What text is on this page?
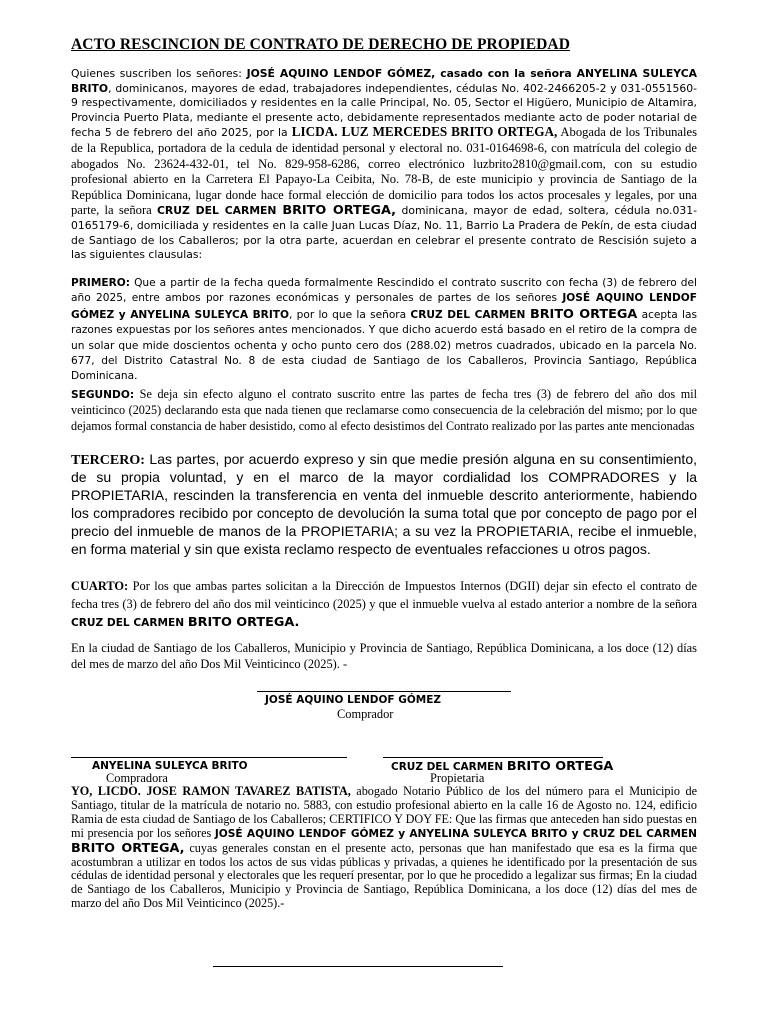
ACTO RESCINCION DE CONTRATO DE DERECHO DE PROPIEDAD
Quienes suscriben los señores: JOSÉ AQUINO LENDOF GÓMEZ, casado con la señora ANYELINA SULEYCA BRITO, dominicanos, mayores de edad, trabajadores independientes, cédulas No. 402-2466205-2 y 031-0551560-9 respectivamente, domiciliados y residentes en la calle Principal, No. 05, Sector el Higüero, Municipio de Altamira, Provincia Puerto Plata, mediante el presente acto, debidamente representados mediante acto de poder notarial de fecha 5 de febrero del año 2025, por la LICDA. LUZ MERCEDES BRITO ORTEGA, Abogada de los Tribunales de la Republica, portadora de la cedula de identidad personal y electoral no. 031-0164698-6, con matrícula del colegio de abogados No. 23624-432-01, tel No. 829-958-6286, correo electrónico luzbrito2810@gmail.com, con su estudio profesional abierto en la Carretera El Papayo-La Ceibita, No. 78-B, de este municipio y provincia de Santiago de la República Dominicana, lugar donde hace formal elección de domicilio para todos los actos procesales y legales, por una parte, la señora CRUZ DEL CARMEN BRITO ORTEGA, dominicana, mayor de edad, soltera, cédula no.031-0165179-6, domiciliada y residentes en la calle Juan Lucas Díaz, No. 11, Barrio La Pradera de Pekín, de esta ciudad de Santiago de los Caballeros; por la otra parte, acuerdan en celebrar el presente contrato de Rescisión sujeto a las siguientes clausulas:
PRIMERO: Que a partir de la fecha queda formalmente Rescindido el contrato suscrito con fecha (3) de febrero del año 2025, entre ambos por razones económicas y personales de partes de los señores JOSÉ AQUINO LENDOF GÓMEZ y ANYELINA SULEYCA BRITO, por lo que la señora CRUZ DEL CARMEN BRITO ORTEGA acepta las razones expuestas por los señores antes mencionados. Y que dicho acuerdo está basado en el retiro de la compra de un solar que mide doscientos ochenta y ocho punto cero dos (288.02) metros cuadrados, ubicado en la parcela No. 677, del Distrito Catastral No. 8 de esta ciudad de Santiago de los Caballeros, Provincia Santiago, República Dominicana.
SEGUNDO: Se deja sin efecto alguno el contrato suscrito entre las partes de fecha tres (3) de febrero del año dos mil veinticinco (2025) declarando esta que nada tienen que reclamarse como consecuencia de la celebración del mismo; por lo que dejamos formal constancia de haber desistido, como al efecto desistimos del Contrato realizado por las partes ante mencionadas
TERCERO: Las partes, por acuerdo expreso y sin que medie presión alguna en su consentimiento, de su propia voluntad, y en el marco de la mayor cordialidad los COMPRADORES y la PROPIETARIA, rescinden la transferencia en venta del inmueble descrito anteriormente, habiendo los compradores recibido por concepto de devolución la suma total que por concepto de pago por el precio del inmueble de manos de la PROPIETARIA; a su vez la PROPIETARIA, recibe el inmueble, en forma material y sin que exista reclamo respecto de eventuales refacciones u otros pagos.
CUARTO: Por los que ambas partes solicitan a la Dirección de Impuestos Internos (DGII) dejar sin efecto el contrato de fecha tres (3) de febrero del año dos mil veinticinco (2025) y que el inmueble vuelva al estado anterior a nombre de la señora CRUZ DEL CARMEN BRITO ORTEGA.
En la ciudad de Santiago de los Caballeros, Municipio y Provincia de Santiago, República Dominicana, a los doce (12) días del mes de marzo del año Dos Mil Veinticinco (2025). -
JOSÉ AQUINO LENDOF GÓMEZ
Comprador
ANYELINA SULEYCA BRITO
Compradora
CRUZ DEL CARMEN BRITO ORTEGA
Propietaria
YO, LICDO. JOSE RAMON TAVAREZ BATISTA, abogado Notario Público de los del número para el Municipio de Santiago, titular de la matrícula de notario no. 5883, con estudio profesional abierto en la calle 16 de Agosto no. 124, edificio Ramia de esta ciudad de Santiago de los Caballeros; CERTIFICO Y DOY FE: Que las firmas que anteceden han sido puestas en mi presencia por los señores JOSÉ AQUINO LENDOF GÓMEZ y ANYELINA SULEYCA BRITO y CRUZ DEL CARMEN BRITO ORTEGA, cuyas generales constan en el presente acto, personas que han manifestado que esa es la firma que acostumbran a utilizar en todos los actos de sus vidas públicas y privadas, a quienes he identificado por la presentación de sus cédulas de identidad personal y electorales que les requerí presentar, por lo que he procedido a legalizar sus firmas; En la ciudad de Santiago de los Caballeros, Municipio y Provincia de Santiago, República Dominicana, a los doce (12) días del mes de marzo del año Dos Mil Veinticinco (2025).-
